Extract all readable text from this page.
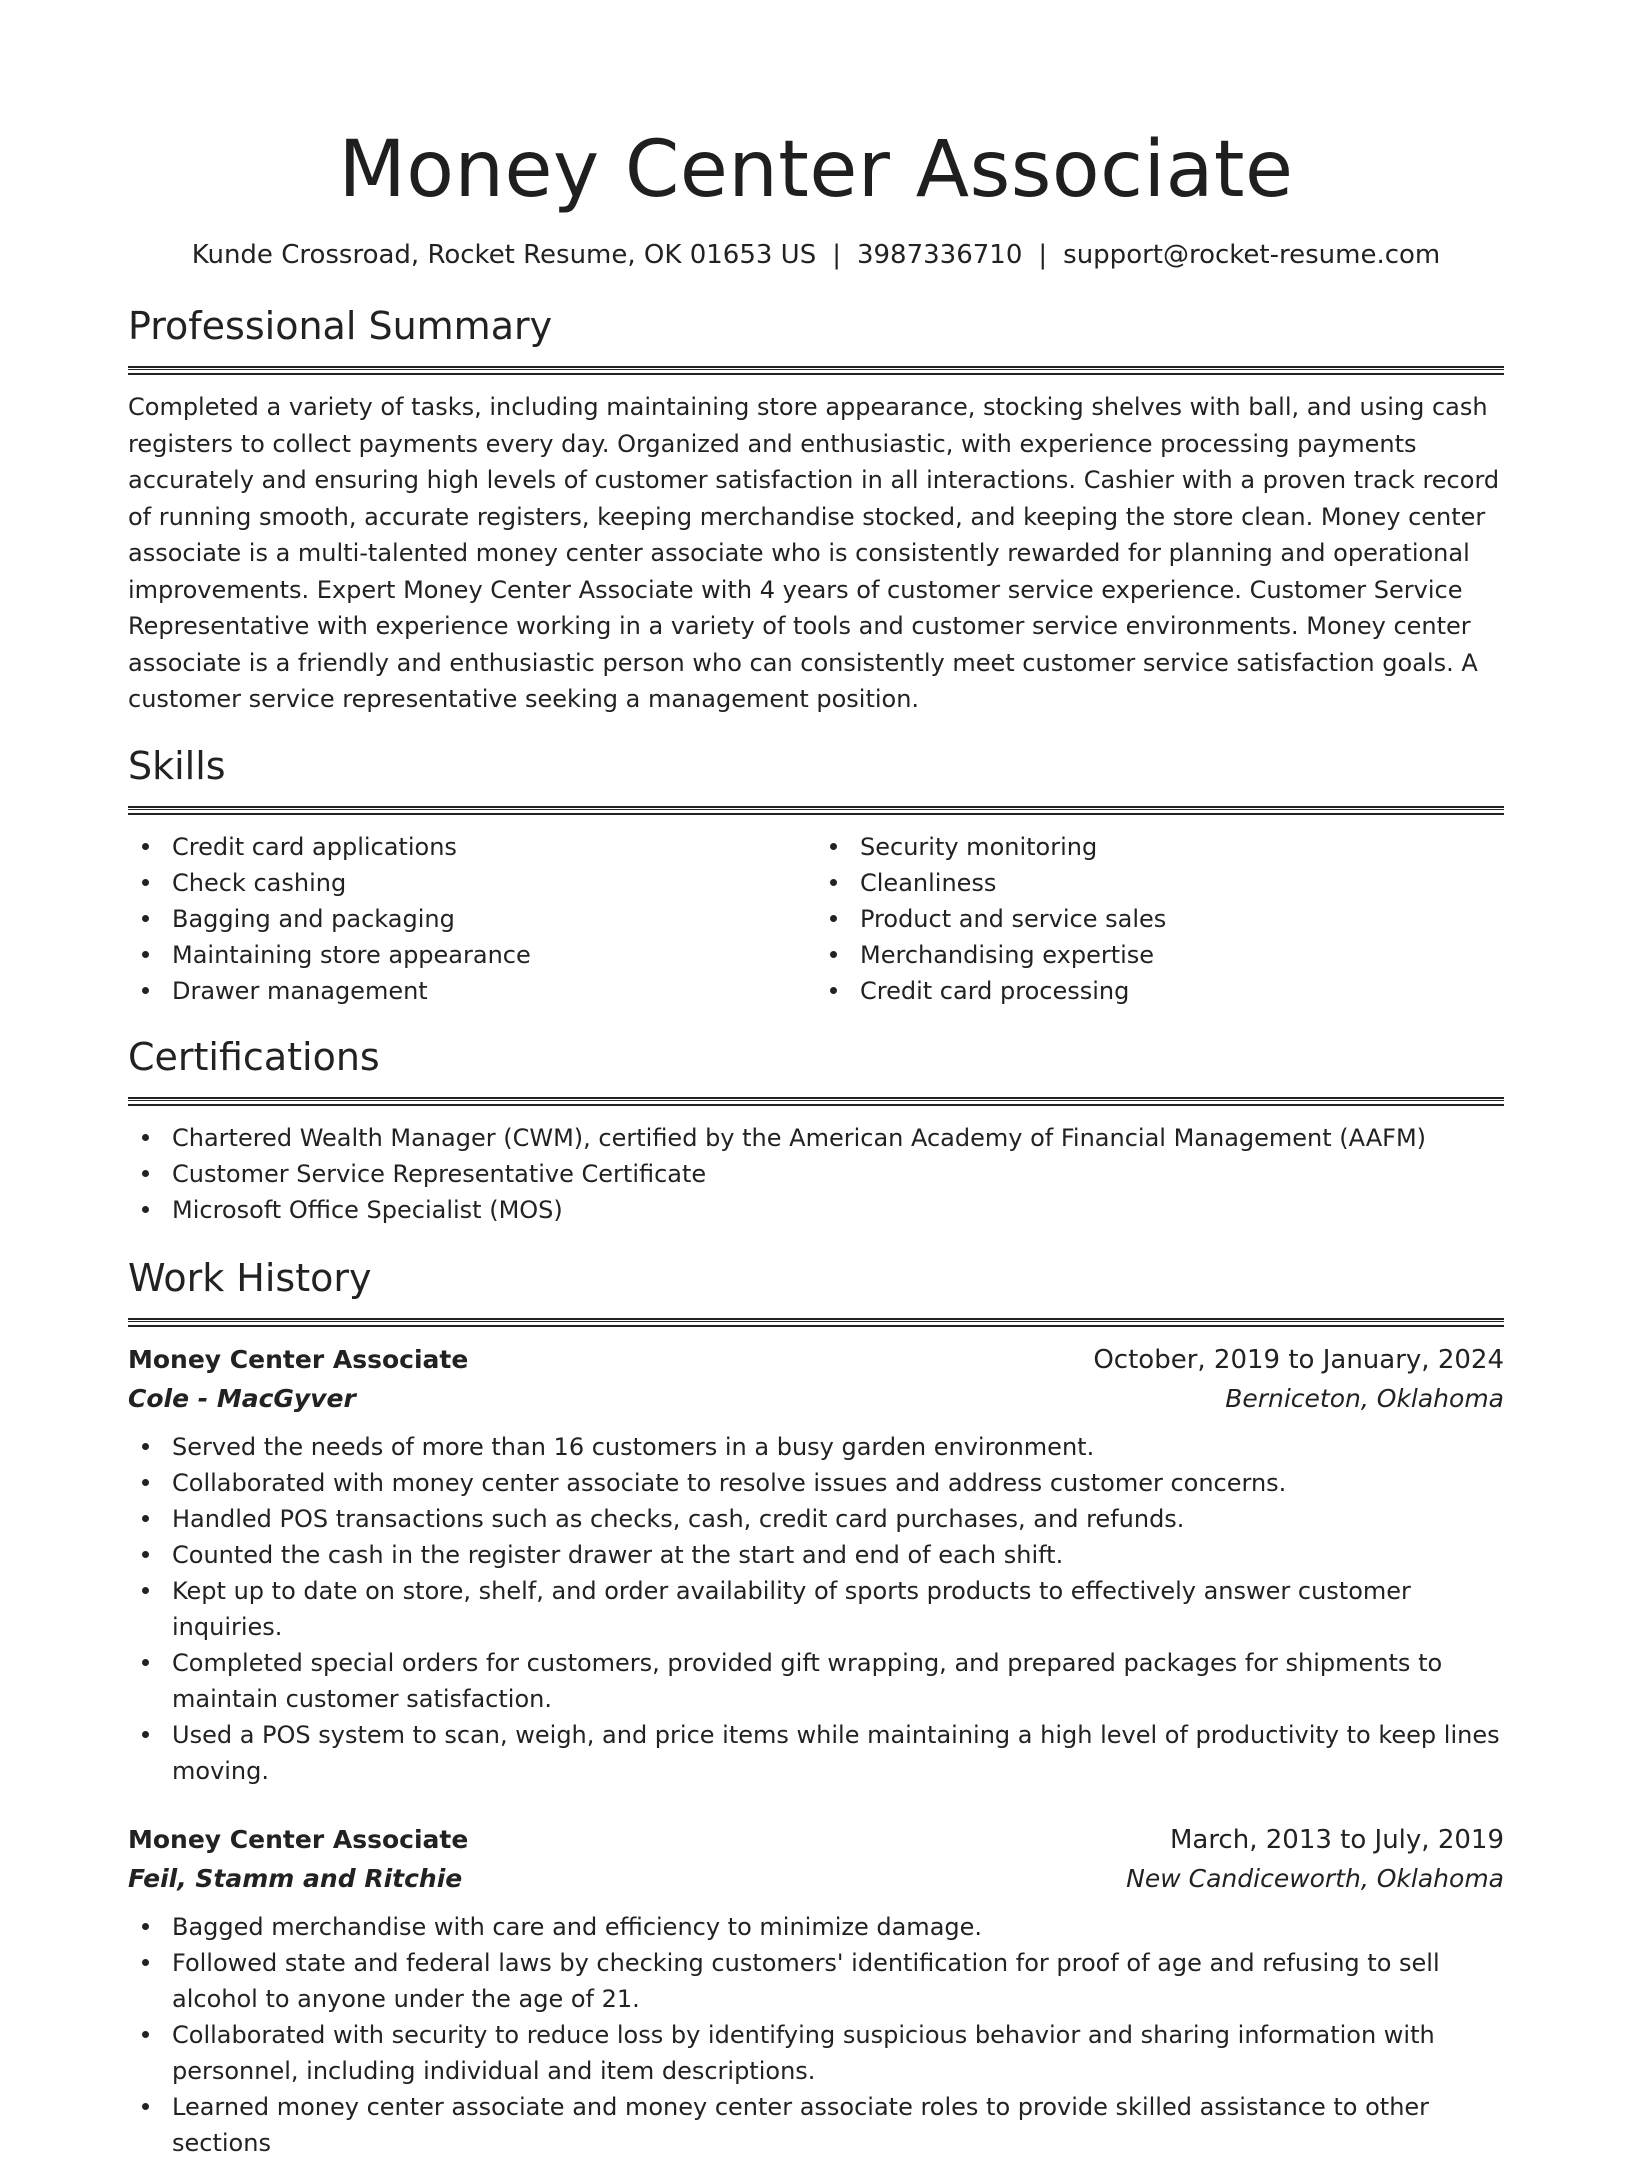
Money Center Associate
Kunde Crossroad, Rocket Resume, OK 01653 US | 3987336710 | support@rocket-resume.com
Professional Summary

Completed a variety of tasks, including maintaining store appearance, stocking shelves with ball, and using cash registers to collect payments every day. Organized and enthusiastic, with experience processing payments accurately and ensuring high levels of customer satisfaction in all interactions. Cashier with a proven track record of running smooth, accurate registers, keeping merchandise stocked, and keeping the store clean. Money center associate is a multi-talented money center associate who is consistently rewarded for planning and operational improvements. Expert Money Center Associate with 4 years of customer service experience. Customer Service Representative with experience working in a variety of tools and customer service environments. Money center associate is a friendly and enthusiastic person who can consistently meet customer service satisfaction goals. A customer service representative seeking a management position.

Skills
Credit card applications
Check cashing
Bagging and packaging
Maintaining store appearance
Drawer management
Security monitoring
Cleanliness
Product and service sales
Merchandising expertise
Credit card processing
Certifications
Chartered Wealth Manager (CWM), certified by the American Academy of Financial Management (AAFM)
Customer Service Representative Certificate
Microsoft Office Specialist (MOS)
Work History
Money Center Associate	October, 2019 to January, 2024
Cole - MacGyver	Berniceton, Oklahoma
Served the needs of more than 16 customers in a busy garden environment.
Collaborated with money center associate to resolve issues and address customer concerns.
Handled POS transactions such as checks, cash, credit card purchases, and refunds.
Counted the cash in the register drawer at the start and end of each shift.
Kept up to date on store, shelf, and order availability of sports products to effectively answer customer inquiries.
Completed special orders for customers, provided gift wrapping, and prepared packages for shipments to maintain customer satisfaction.
Used a POS system to scan, weigh, and price items while maintaining a high level of productivity to keep lines moving.
Money Center Associate	March, 2013 to July, 2019
Feil, Stamm and Ritchie	New Candiceworth, Oklahoma
Bagged merchandise with care and efficiency to minimize damage.
Followed state and federal laws by checking customers' identification for proof of age and refusing to sell alcohol to anyone under the age of 21.
Collaborated with security to reduce loss by identifying suspicious behavior and sharing information with personnel, including individual and item descriptions.
Learned money center associate and money center associate roles to provide skilled assistance to other sections
